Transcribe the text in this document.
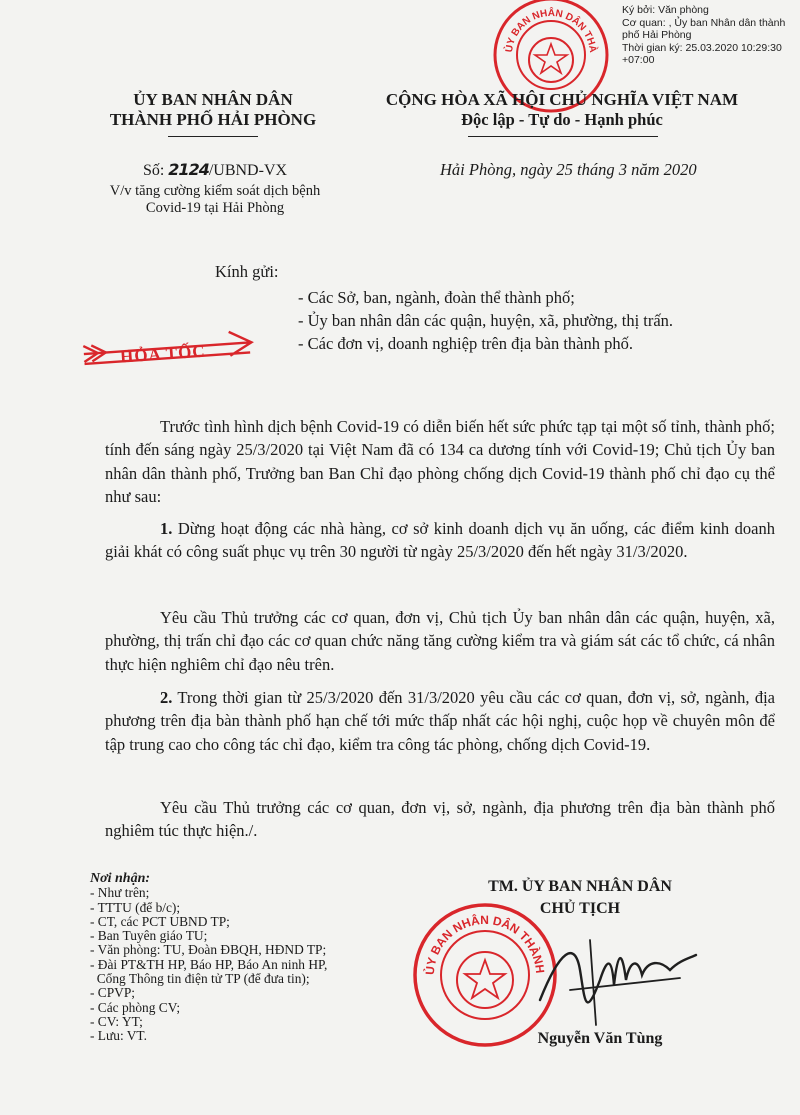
Ký bởi: Văn phòng
Cơ quan: , Ủy ban Nhân dân thành phố Hải Phòng
Thời gian ký: 25.03.2020 10:29:30 +07:00
ỦY BAN NHÂN DÂN THÀ
ỦY BAN NHÂN DÂN
THÀNH PHỐ HẢI PHÒNG
CỘNG HÒA XÃ HỘI CHỦ NGHĨA VIỆT NAM
Độc lập - Tự do - Hạnh phúc
Số: 2124/UBND-VX
V/v tăng cường kiểm soát dịch bệnh
Covid-19 tại Hải Phòng
Hải Phòng, ngày 25 tháng 3 năm 2020
Kính gửi:
- Các Sở, ban, ngành, đoàn thể thành phố;
- Ủy ban nhân dân các quận, huyện, xã, phường, thị trấn.
- Các đơn vị, doanh nghiệp trên địa bàn thành phố.
HỎA TỐC
Trước tình hình dịch bệnh Covid-19 có diễn biến hết sức phức tạp tại một số tỉnh, thành phố; tính đến sáng ngày 25/3/2020 tại Việt Nam đã có 134 ca dương tính với Covid-19; Chủ tịch Ủy ban nhân dân thành phố, Trưởng ban Ban Chỉ đạo phòng chống dịch Covid-19 thành phố chỉ đạo cụ thể như sau:
1. Dừng hoạt động các nhà hàng, cơ sở kinh doanh dịch vụ ăn uống, các điểm kinh doanh giải khát có công suất phục vụ trên 30 người từ ngày 25/3/2020 đến hết ngày 31/3/2020.
Yêu cầu Thủ trưởng các cơ quan, đơn vị, Chủ tịch Ủy ban nhân dân các quận, huyện, xã, phường, thị trấn chỉ đạo các cơ quan chức năng tăng cường kiểm tra và giám sát các tổ chức, cá nhân thực hiện nghiêm chỉ đạo nêu trên.
2. Trong thời gian từ 25/3/2020 đến 31/3/2020 yêu cầu các cơ quan, đơn vị, sở, ngành, địa phương trên địa bàn thành phố hạn chế tới mức thấp nhất các hội nghị, cuộc họp về chuyên môn để tập trung cao cho công tác chỉ đạo, kiểm tra công tác phòng, chống dịch Covid-19.
Yêu cầu Thủ trưởng các cơ quan, đơn vị, sở, ngành, địa phương trên địa bàn thành phố nghiêm túc thực hiện./.
Nơi nhận:
- Như trên;
- TTTU (để b/c);
- CT, các PCT UBND TP;
- Ban Tuyên giáo TU;
- Văn phòng: TU, Đoàn ĐBQH, HĐND TP;
- Đài PT&TH HP, Báo HP, Báo An ninh HP,
Cổng Thông tin điện tử TP (để đưa tin);
- CPVP;
- Các phòng CV;
- CV: YT;
- Lưu: VT.
TM. ỦY BAN NHÂN DÂN
CHỦ TỊCH
ỦY BAN NHÂN DÂN THÀNH PHỐ
Nguyễn Văn Tùng
